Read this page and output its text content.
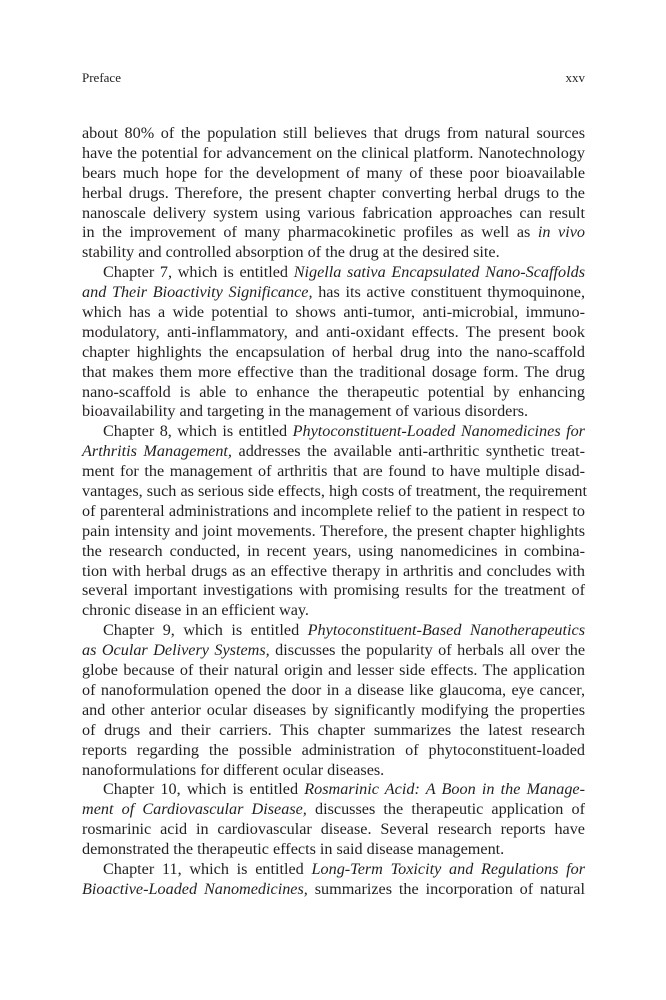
Preface	xxv
about 80% of the population still believes that drugs from natural sources
have the potential for advancement on the clinical platform. Nanotechnology
bears much hope for the development of many of these poor bioavailable
herbal drugs. Therefore, the present chapter converting herbal drugs to the
nanoscale delivery system using various fabrication approaches can result
in the improvement of many pharmacokinetic profiles as well as in vivo
stability and controlled absorption of the drug at the desired site.
Chapter 7, which is entitled Nigella sativa Encapsulated Nano-Scaffolds
and Their Bioactivity Significance, has its active constituent thymoquinone,
which has a wide potential to shows anti-tumor, anti-microbial, immuno-
modulatory, anti-inflammatory, and anti-oxidant effects. The present book
chapter highlights the encapsulation of herbal drug into the nano-scaffold
that makes them more effective than the traditional dosage form. The drug
nano-scaffold is able to enhance the therapeutic potential by enhancing
bioavailability and targeting in the management of various disorders.
Chapter 8, which is entitled Phytoconstituent-Loaded Nanomedicines for
Arthritis Management, addresses the available anti-arthritic synthetic treat-
ment for the management of arthritis that are found to have multiple disad-
vantages, such as serious side effects, high costs of treatment, the requirement
of parenteral administrations and incomplete relief to the patient in respect to
pain intensity and joint movements. Therefore, the present chapter highlights
the research conducted, in recent years, using nanomedicines in combina-
tion with herbal drugs as an effective therapy in arthritis and concludes with
several important investigations with promising results for the treatment of
chronic disease in an efficient way.
Chapter 9, which is entitled Phytoconstituent-Based Nanotherapeutics
as Ocular Delivery Systems, discusses the popularity of herbals all over the
globe because of their natural origin and lesser side effects. The application
of nanoformulation opened the door in a disease like glaucoma, eye cancer,
and other anterior ocular diseases by significantly modifying the properties
of drugs and their carriers. This chapter summarizes the latest research
reports regarding the possible administration of phytoconstituent-loaded
nanoformulations for different ocular diseases.
Chapter 10, which is entitled Rosmarinic Acid: A Boon in the Manage-
ment of Cardiovascular Disease, discusses the therapeutic application of
rosmarinic acid in cardiovascular disease. Several research reports have
demonstrated the therapeutic effects in said disease management.
Chapter 11, which is entitled Long-Term Toxicity and Regulations for
Bioactive-Loaded Nanomedicines, summarizes the incorporation of natural
